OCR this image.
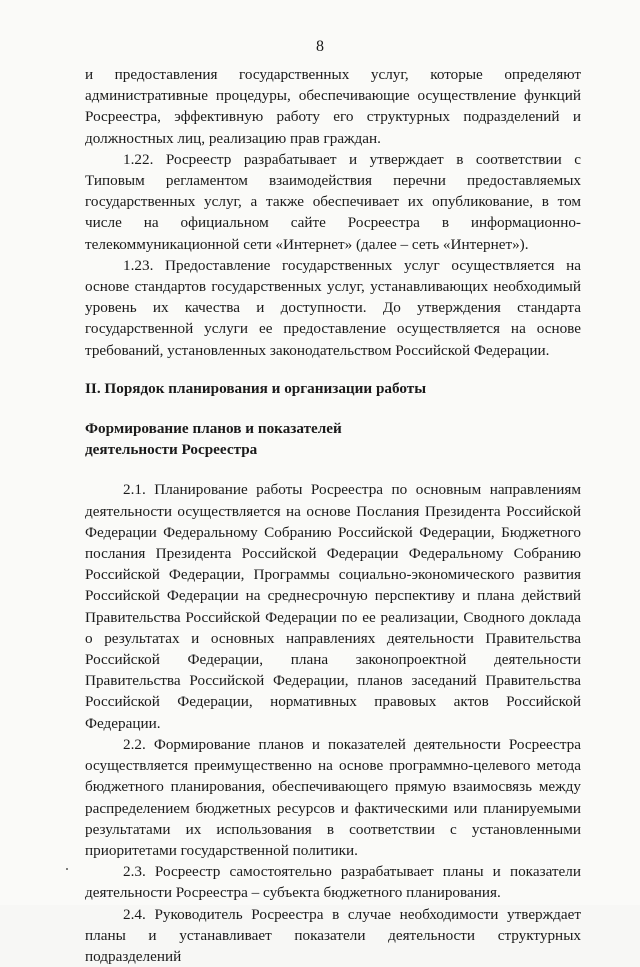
8

и предоставления государственных услуг, которые определяют административные процедуры, обеспечивающие осуществление функций Росреестра, эффективную работу его структурных подразделений и должностных лиц, реализацию прав граждан.

1.22. Росреестр разрабатывает и утверждает в соответствии с Типовым регламентом взаимодействия перечни предоставляемых государственных услуг, а также обеспечивает их опубликование, в том числе на официальном сайте Росреестра в информационно-телекоммуникационной сети «Интернет» (далее – сеть «Интернет»).

1.23. Предоставление государственных услуг осуществляется на основе стандартов государственных услуг, устанавливающих необходимый уровень их качества и доступности. До утверждения стандарта государственной услуги ее предоставление осуществляется на основе требований, установленных законодательством Российской Федерации.

II. Порядок планирования и организации работы

Формирование планов и показателей

деятельности Росреестра

2.1. Планирование работы Росреестра по основным направлениям деятельности осуществляется на основе Послания Президента Российской Федерации Федеральному Собранию Российской Федерации, Бюджетного послания Президента Российской Федерации Федеральному Собранию Российской Федерации, Программы социально-экономического развития Российской Федерации на среднесрочную перспективу и плана действий Правительства Российской Федерации по ее реализации, Сводного доклада о результатах и основных направлениях деятельности Правительства Российской Федерации, плана законопроектной деятельности Правительства Российской Федерации, планов заседаний Правительства Российской Федерации, нормативных правовых актов Российской Федерации.

2.2. Формирование планов и показателей деятельности Росреестра осуществляется преимущественно на основе программно-целевого метода бюджетного планирования, обеспечивающего прямую взаимосвязь между распределением бюджетных ресурсов и фактическими или планируемыми результатами их использования в соответствии с установленными приоритетами государственной политики.

2.3. Росреестр самостоятельно разрабатывает планы и показатели деятельности Росреестра – субъекта бюджетного планирования.

2.4. Руководитель Росреестра в случае необходимости утверждает планы и устанавливает показатели деятельности структурных подразделений
